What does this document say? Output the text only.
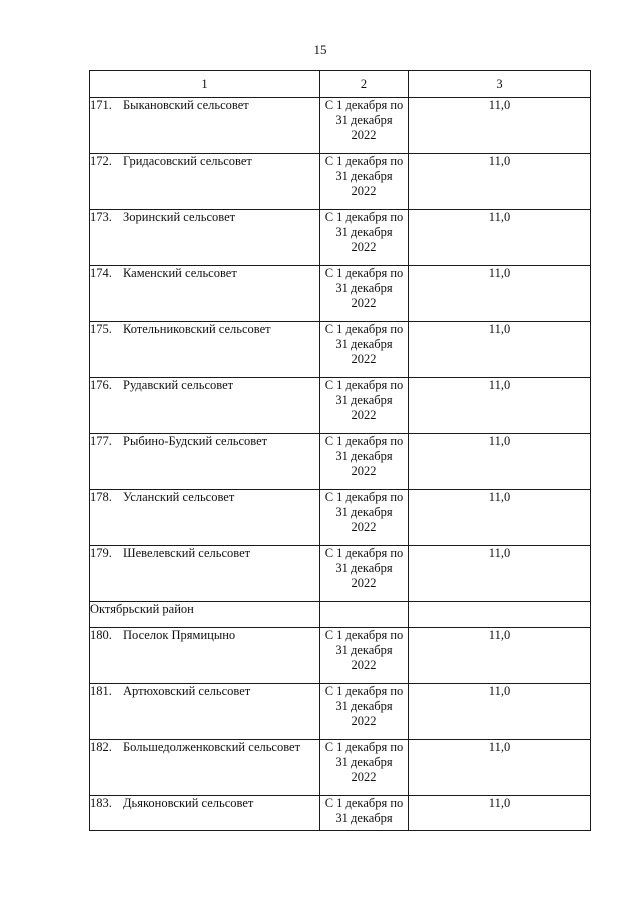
15
1	2	3
171. Быкановский сельсовет	С 1 декабря по
31 декабря
2022	11,0
172. Гридасовский сельсовет	С 1 декабря по
31 декабря
2022	11,0
173. Зоринский сельсовет	С 1 декабря по
31 декабря
2022	11,0
174. Каменский сельсовет	С 1 декабря по
31 декабря
2022	11,0
175. Котельниковский сельсовет	С 1 декабря по
31 декабря
2022	11,0
176. Рудавский сельсовет	С 1 декабря по
31 декабря
2022	11,0
177. Рыбино-Будский сельсовет	С 1 декабря по
31 декабря
2022	11,0
178. Усланский сельсовет	С 1 декабря по
31 декабря
2022	11,0
179. Шевелевский сельсовет	С 1 декабря по
31 декабря
2022	11,0
Октябрьский район		
180. Поселок Прямицыно	С 1 декабря по
31 декабря
2022	11,0
181. Артюховский сельсовет	С 1 декабря по
31 декабря
2022	11,0
182. Большедолженковский сельсовет	С 1 декабря по
31 декабря
2022	11,0
183. Дьяконовский сельсовет	С 1 декабря по
31 декабря	11,0
